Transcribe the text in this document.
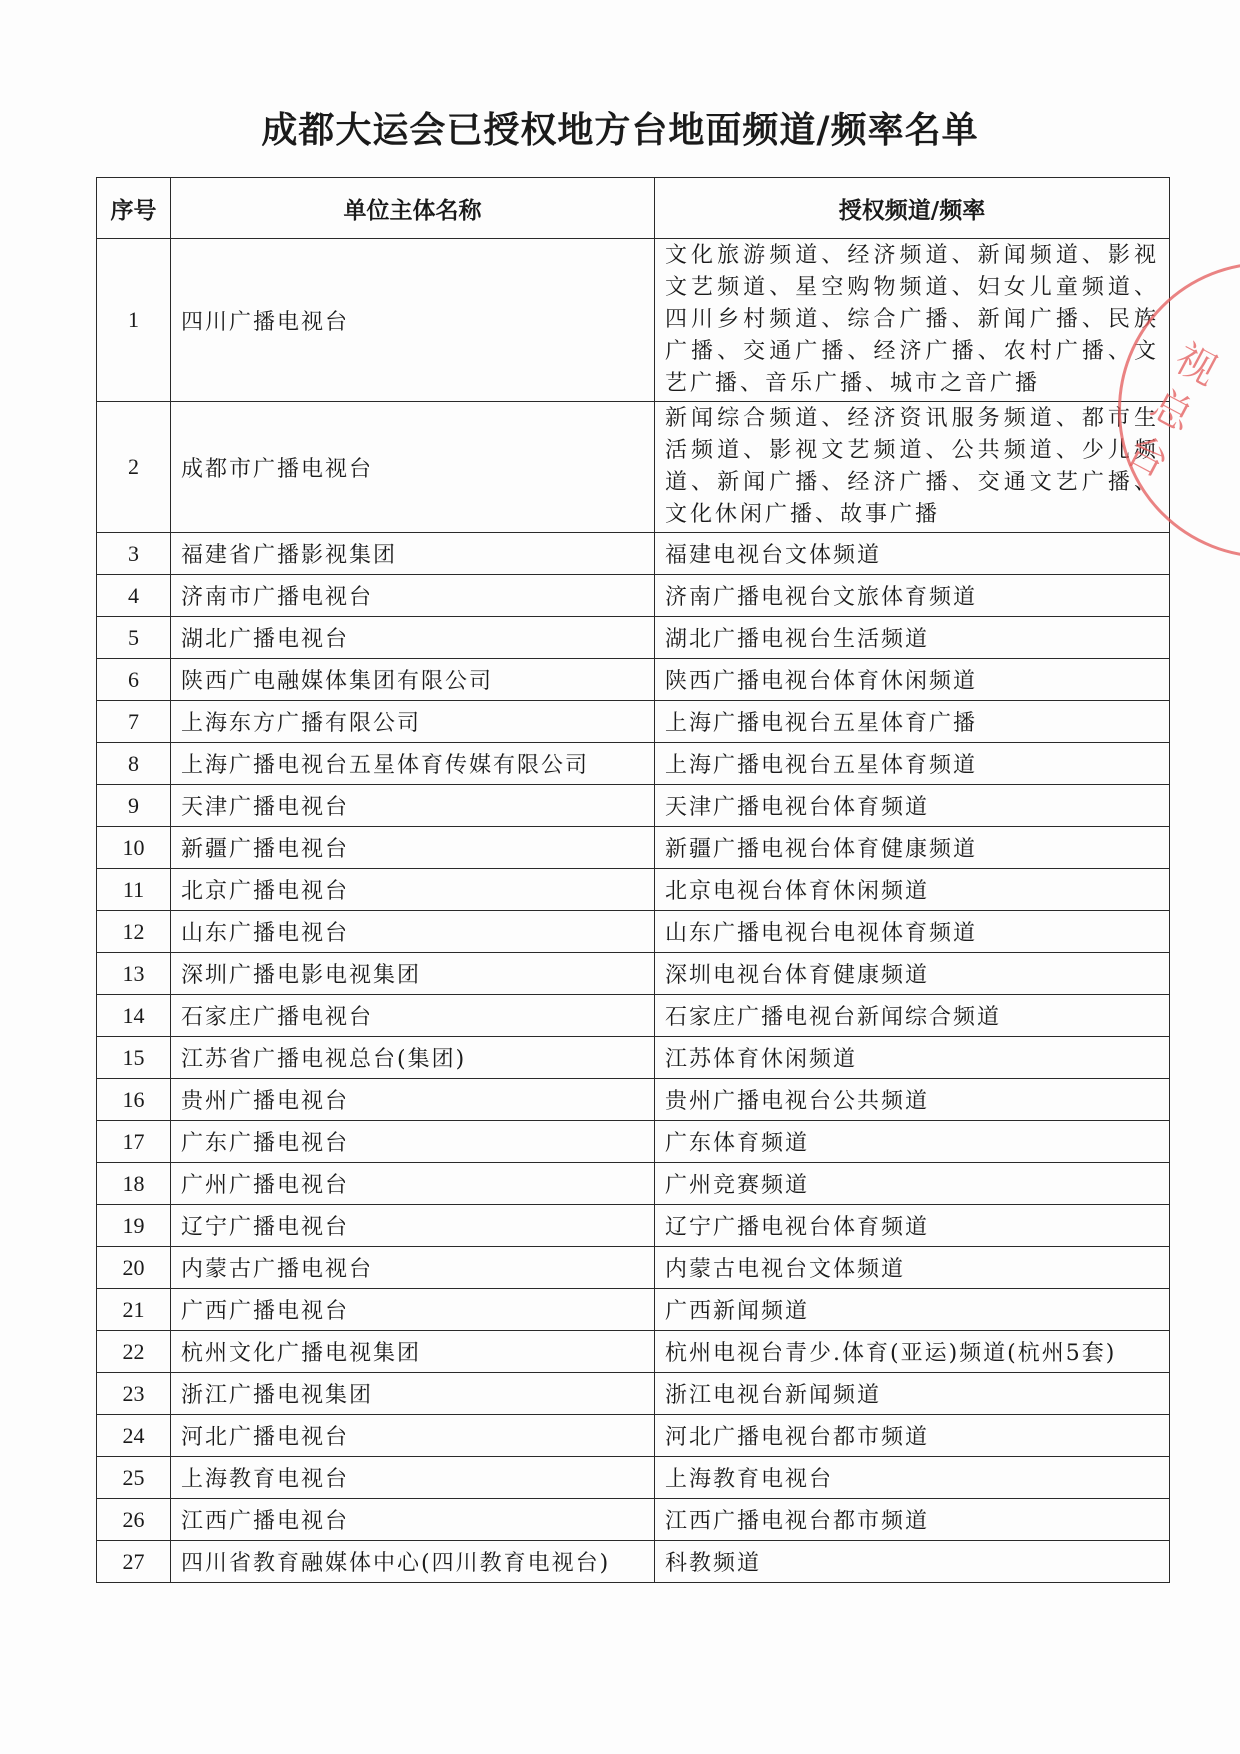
成都大运会已授权地方台地面频道/频率名单
序号	单位主体名称	授权频道/频率
1	四川广播电视台	文化旅游频道、经济频道、新闻频道、影视文艺频道、星空购物频道、妇女儿童频道、四川乡村频道、综合广播、新闻广播、民族广播、交通广播、经济广播、农村广播、文艺广播、音乐广播、城市之音广播
2	成都市广播电视台	新闻综合频道、经济资讯服务频道、都市生活频道、影视文艺频道、公共频道、少儿频道、新闻广播、经济广播、交通文艺广播、文化休闲广播、故事广播
3	福建省广播影视集团	福建电视台文体频道
4	济南市广播电视台	济南广播电视台文旅体育频道
5	湖北广播电视台	湖北广播电视台生活频道
6	陕西广电融媒体集团有限公司	陕西广播电视台体育休闲频道
7	上海东方广播有限公司	上海广播电视台五星体育广播
8	上海广播电视台五星体育传媒有限公司	上海广播电视台五星体育频道
9	天津广播电视台	天津广播电视台体育频道
10	新疆广播电视台	新疆广播电视台体育健康频道
11	北京广播电视台	北京电视台体育休闲频道
12	山东广播电视台	山东广播电视台电视体育频道
13	深圳广播电影电视集团	深圳电视台体育健康频道
14	石家庄广播电视台	石家庄广播电视台新闻综合频道
15	江苏省广播电视总台(集团)	江苏体育休闲频道
16	贵州广播电视台	贵州广播电视台公共频道
17	广东广播电视台	广东体育频道
18	广州广播电视台	广州竞赛频道
19	辽宁广播电视台	辽宁广播电视台体育频道
20	内蒙古广播电视台	内蒙古电视台文体频道
21	广西广播电视台	广西新闻频道
22	杭州文化广播电视集团	杭州电视台青少.体育(亚运)频道(杭州5套)
23	浙江广播电视集团	浙江电视台新闻频道
24	河北广播电视台	河北广播电视台都市频道
25	上海教育电视台	上海教育电视台
26	江西广播电视台	江西广播电视台都市频道
27	四川省教育融媒体中心(四川教育电视台)	科教频道
视
总
台
